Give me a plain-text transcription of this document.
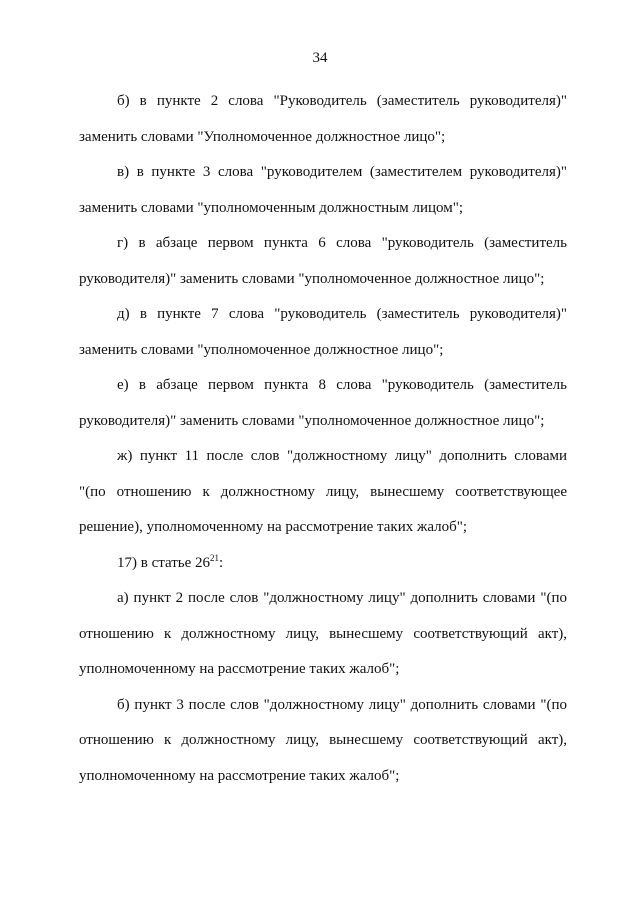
34
б) в пункте 2 слова "Руководитель (заместитель руководителя)"
заменить словами "Уполномоченное должностное лицо";
в) в пункте 3 слова "руководителем (заместителем руководителя)"
заменить словами "уполномоченным должностным лицом";
г) в абзаце первом пункта 6 слова "руководитель (заместитель
руководителя)" заменить словами "уполномоченное должностное лицо";
д) в пункте 7 слова "руководитель (заместитель руководителя)"
заменить словами "уполномоченное должностное лицо";
е) в абзаце первом пункта 8 слова "руководитель (заместитель
руководителя)" заменить словами "уполномоченное должностное лицо";
ж) пункт 11 после слов "должностному лицу" дополнить словами
"(по отношению к должностному лицу, вынесшему соответствующее
решение), уполномоченному на рассмотрение таких жалоб";
17) в статье $26^{21}$:
а) пункт 2 после слов "должностному лицу" дополнить словами "(по
отношению к должностному лицу, вынесшему соответствующий акт),
уполномоченному на рассмотрение таких жалоб";
б) пункт 3 после слов "должностному лицу" дополнить словами "(по
отношению к должностному лицу, вынесшему соответствующий акт),
уполномоченному на рассмотрение таких жалоб";
